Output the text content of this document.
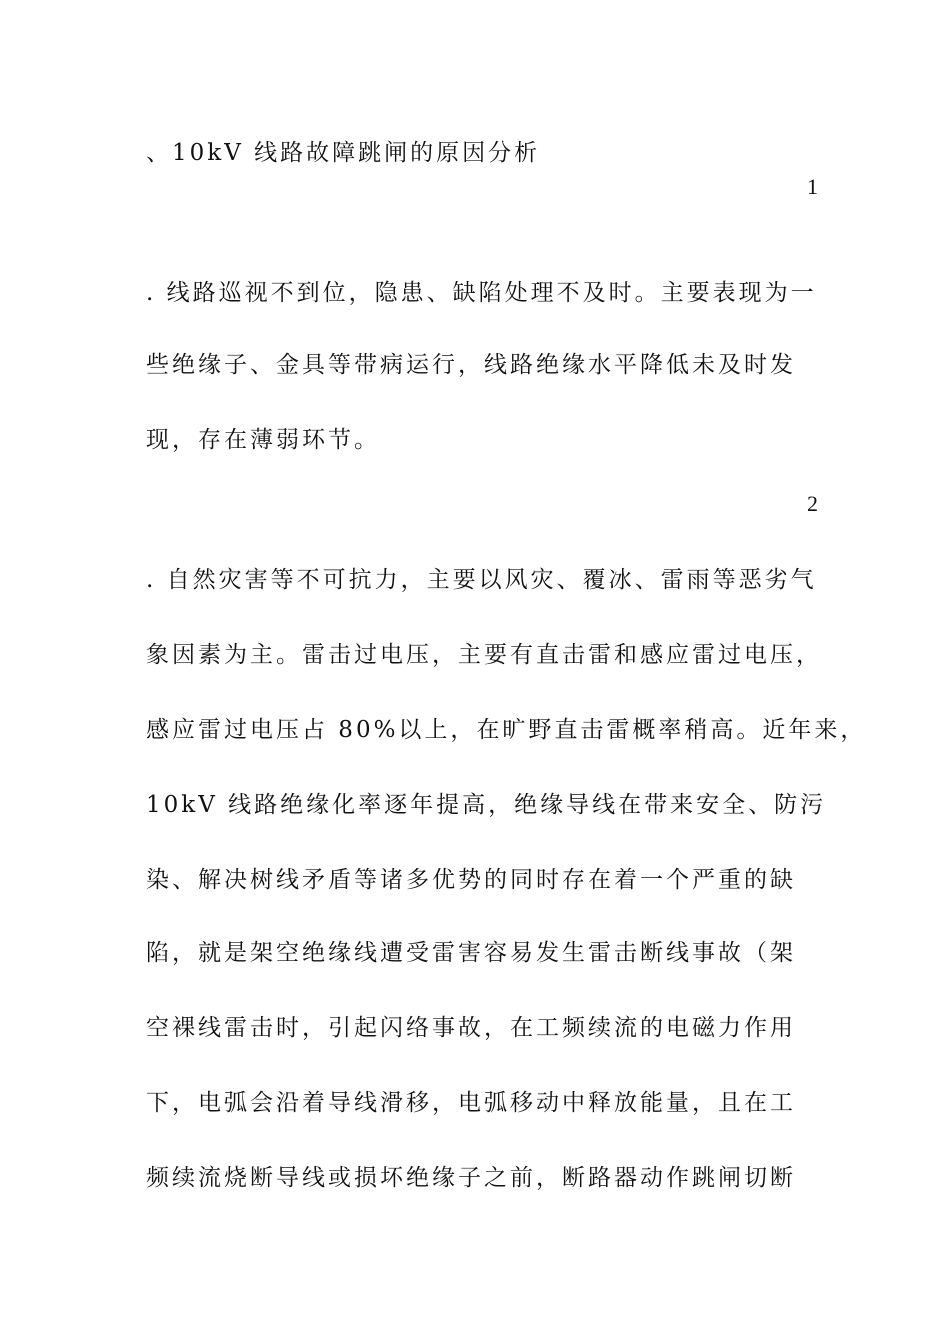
、10kV 线路故障跳闸的原因分析
1
. 线路巡视不到位，隐患、缺陷处理不及时。主要表现为一
些绝缘子、金具等带病运行，线路绝缘水平降低未及时发
现，存在薄弱环节。
2
. 自然灾害等不可抗力，主要以风灾、覆冰、雷雨等恶劣气
象因素为主。雷击过电压，主要有直击雷和感应雷过电压，
感应雷过电压占 80%以上，在旷野直击雷概率稍高。近年来，
10kV 线路绝缘化率逐年提高，绝缘导线在带来安全、防污
染、解决树线矛盾等诸多优势的同时存在着一个严重的缺
陷，就是架空绝缘线遭受雷害容易发生雷击断线事故（架
空裸线雷击时，引起闪络事故，在工频续流的电磁力作用
下，电弧会沿着导线滑移，电弧移动中释放能量，且在工
频续流烧断导线或损坏绝缘子之前，断路器动作跳闸切断
